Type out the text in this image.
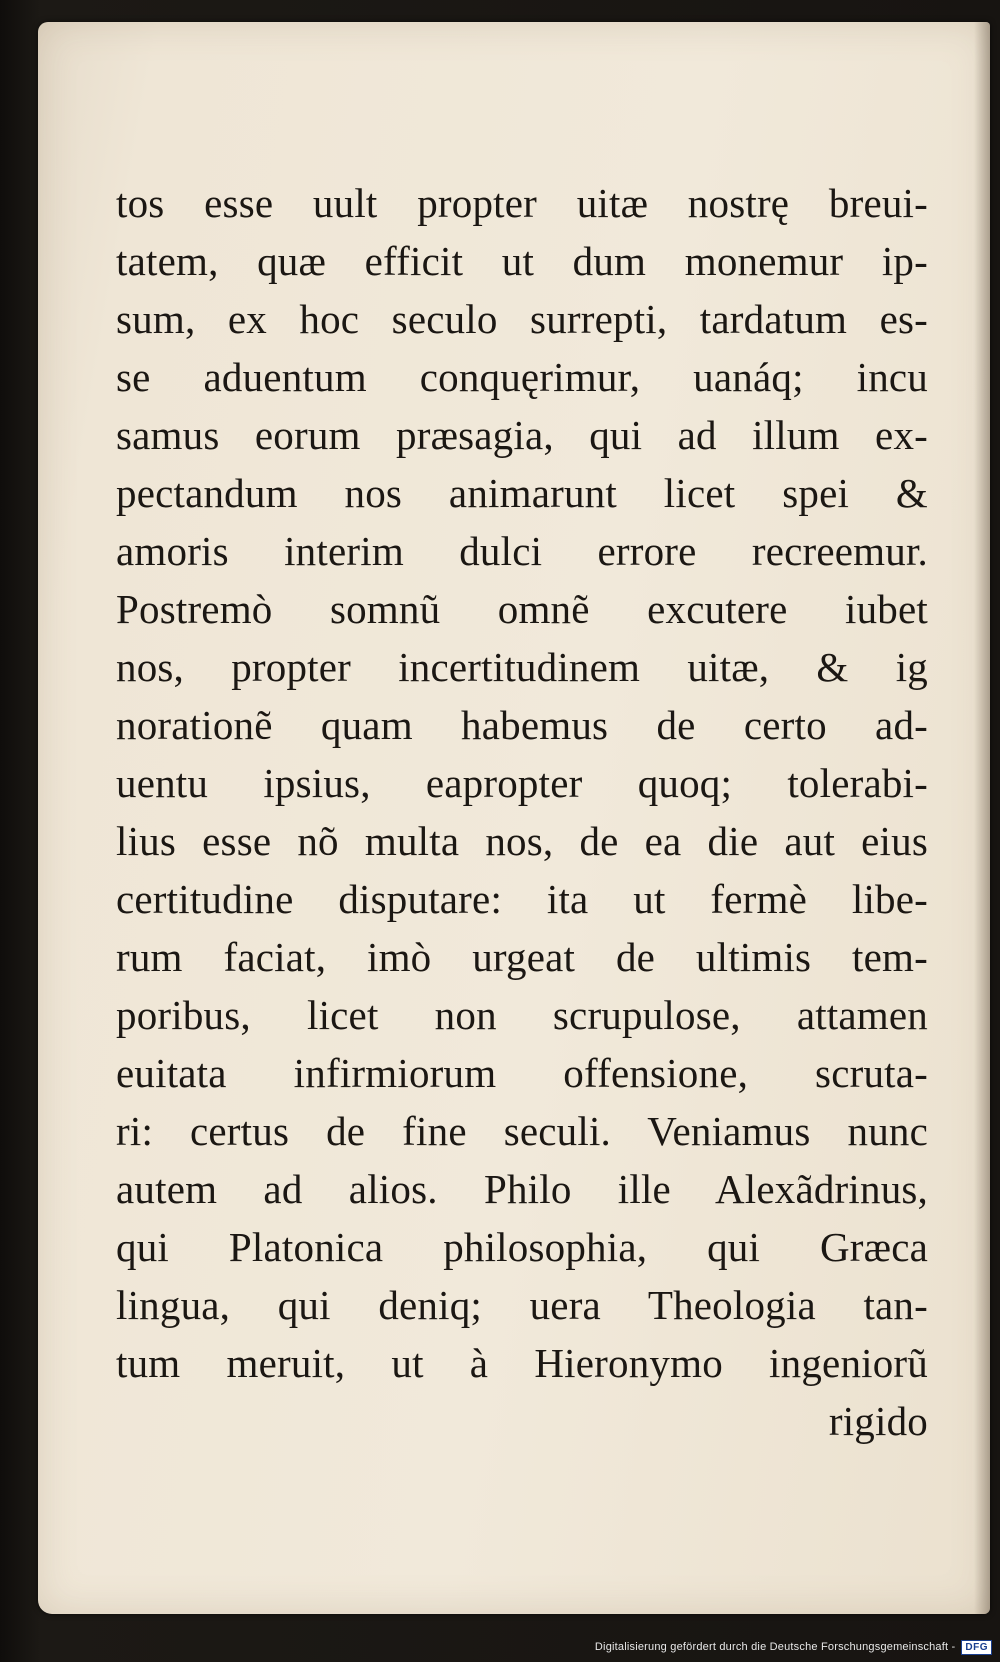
tos esse uult propter uitæ nostrę breui-
tatem, quæ efficit ut dum monemur ip-
sum, ex hoc seculo surrepti, tardatum es-
se aduentum conquęrimur, uanáq; incu
samus eorum præsagia, qui ad illum ex-
pectandum nos animarunt licet spei &
amoris interim dulci errore recreemur.
Postremò somnũ omnẽ excutere iubet
nos, propter incertitudinem uitæ, & ig
norationẽ quam habemus de certo ad-
uentu ipsius, eapropter quoq; tolerabi-
lius esse nõ multa nos, de ea die aut eius
certitudine disputare: ita ut fermè libe-
rum faciat, imò urgeat de ultimis tem-
poribus, licet non scrupulose, attamen
euitata infirmiorum offensione, scruta-
ri: certus de fine seculi. Veniamus nunc
autem ad alios. Philo ille Alexãdrinus,
qui Platonica philosophia, qui Græca
lingua, qui deniq; uera Theologia tan-
tum meruit, ut à Hieronymo ingeniorũ
rigido
Digitalisierung gefördert durch die Deutsche Forschungsgemeinschaft -	DFG
